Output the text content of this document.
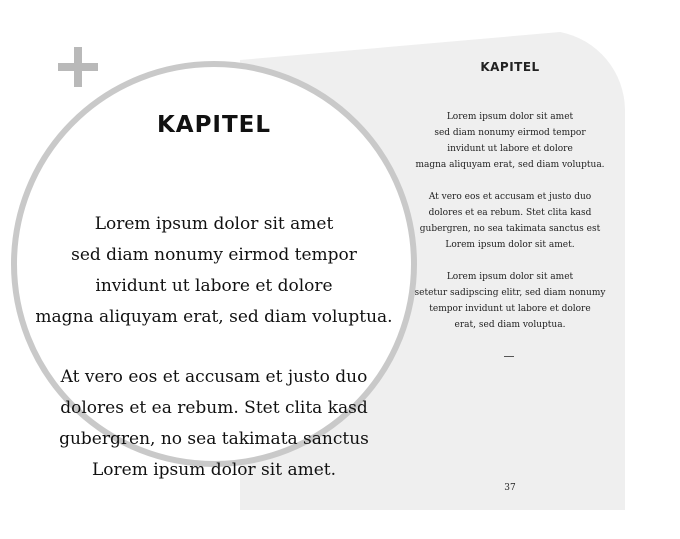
KAPITEL

Lorem ipsum dolor sit amet
sed diam nonumy eirmod tempor
invidunt ut labore et dolore
magna aliquyam erat, sed diam voluptua.

At vero eos et accusam et justo duo
dolores et ea rebum. Stet clita kasd
gubergren, no sea takimata sanctus est
Lorem ipsum dolor sit amet.

Lorem ipsum dolor sit amet
setetur sadipscing elitr, sed diam nonumy
tempor invidunt ut labore et dolore
erat, sed diam voluptua.

37
KAPITEL

Lorem ipsum dolor sit amet
sed diam nonumy eirmod tempor
invidunt ut labore et dolore
magna aliquyam erat, sed diam voluptua.

At vero eos et accusam et justo duo
dolores et ea rebum. Stet clita kasd
gubergren, no sea takimata sanctus
Lorem ipsum dolor sit amet.
